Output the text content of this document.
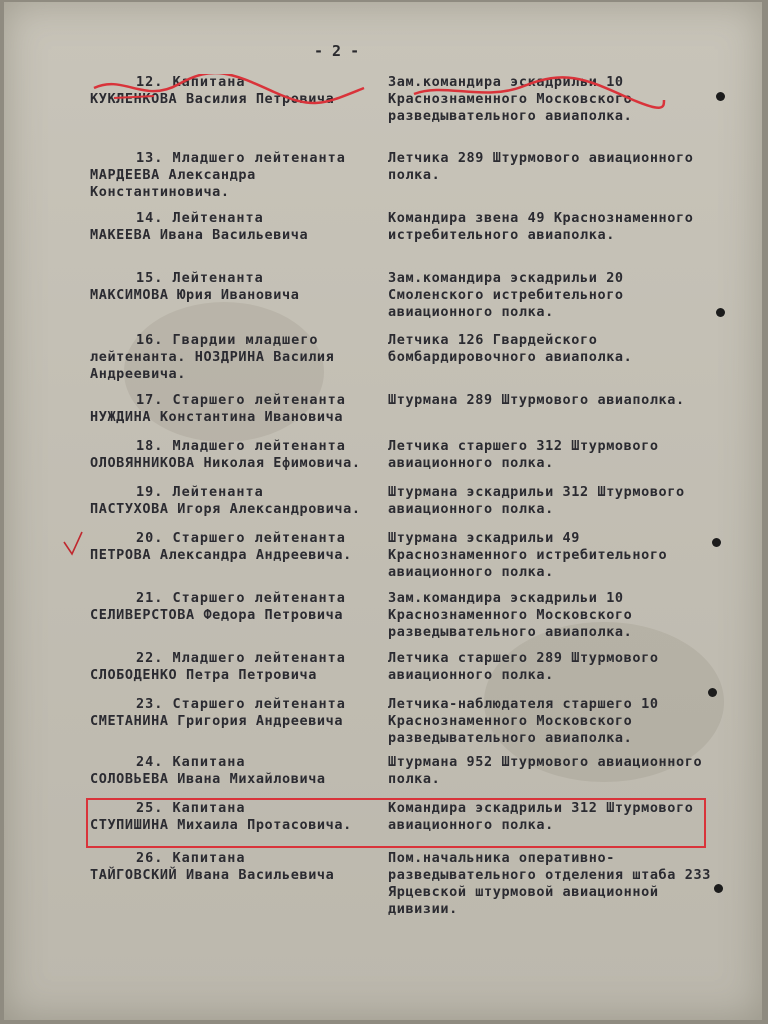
- 2 -
12. Капитана
КУКЛЕНКОВА Василия Петровича
Зам.командира эскадрильи 10 Краснознаменного Московского разведывательного авиаполка.
13. Младшего лейтенанта
МАРДЕЕВА Александра Константиновича.
Летчика 289 Штурмового авиационного полка.
14. Лейтенанта
МАКЕЕВА Ивана Васильевича
Командира звена 49 Краснознаменного истребительного авиаполка.
15. Лейтенанта
МАКСИМОВА Юрия Ивановича
Зам.командира эскадрильи 20 Смоленского истребительного авиационного полка.
16. Гвардии младшего
лейтенанта. НОЗДРИНА Василия Андреевича.
Летчика 126 Гвардейского бомбардировочного авиаполка.
17. Старшего лейтенанта
НУЖДИНА Константина Ивановича
Штурмана 289 Штурмового авиаполка.
18. Младшего лейтенанта
ОЛОВЯННИКОВА Николая Ефимовича.
Летчика старшего 312 Штурмового авиационного полка.
19. Лейтенанта
ПАСТУХОВА Игоря Александровича.
Штурмана эскадрильи 312 Штурмового авиационного полка.
20. Старшего лейтенанта
ПЕТРОВА Александра Андреевича.
Штурмана эскадрильи 49 Краснознаменного истребительного авиационного полка.
21. Старшего лейтенанта
СЕЛИВЕРСТОВА Федора Петровича
Зам.командира эскадрильи 10 Краснознаменного Московского разведывательного авиаполка.
22. Младшего лейтенанта
СЛОБОДЕНКО Петра Петровича
Летчика старшего 289 Штурмового авиационного полка.
23. Старшего лейтенанта
СМЕТАНИНА Григория Андреевича
Летчика-наблюдателя старшего 10 Краснознаменного Московского разведывательного авиаполка.
24. Капитана
СОЛОВЬЕВА Ивана Михайловича
Штурмана 952 Штурмового авиационного полка.
25. Капитана
СТУПИШИНА Михаила Протасовича.
Командира эскадрильи 312 Штурмового авиационного полка.
26. Капитана
ТАЙГОВСКИЙ Ивана Васильевича
Пом.начальника оперативно-разведывательного отделения штаба 233 Ярцевской штурмовой авиационной дивизии.
